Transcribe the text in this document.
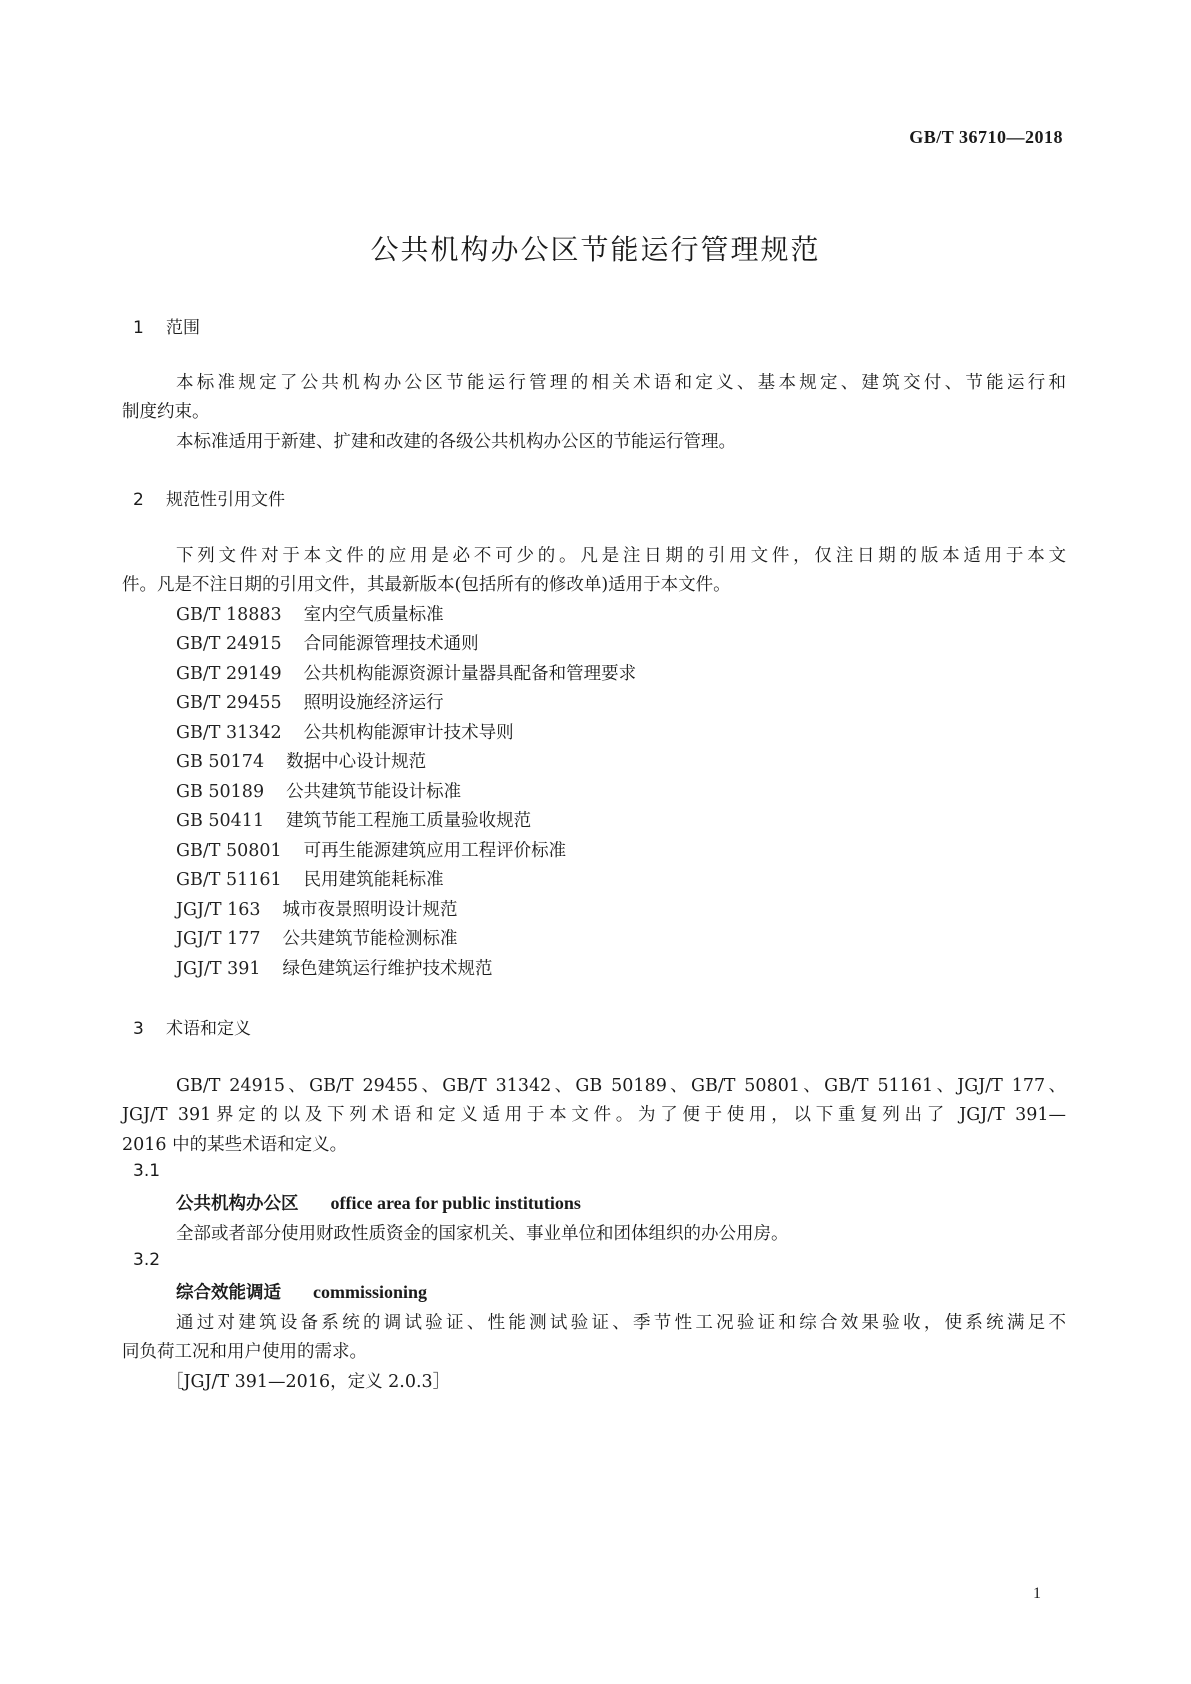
GB/T 36710—2018
公共机构办公区节能运行管理规范
1 范围
本标准规定了公共机构办公区节能运行管理的相关术语和定义、基本规定、建筑交付、节能运行和
制度约束。
本标准适用于新建、扩建和改建的各级公共机构办公区的节能运行管理。
2 规范性引用文件
下列文件对于本文件的应用是必不可少的。凡是注日期的引用文件，仅注日期的版本适用于本文
件。凡是不注日期的引用文件，其最新版本(包括所有的修改单)适用于本文件。
GB/T 18883 室内空气质量标准
GB/T 24915 合同能源管理技术通则
GB/T 29149 公共机构能源资源计量器具配备和管理要求
GB/T 29455 照明设施经济运行
GB/T 31342 公共机构能源审计技术导则
GB 50174 数据中心设计规范
GB 50189 公共建筑节能设计标准
GB 50411 建筑节能工程施工质量验收规范
GB/T 50801 可再生能源建筑应用工程评价标准
GB/T 51161 民用建筑能耗标准
JGJ/T 163 城市夜景照明设计规范
JGJ/T 177 公共建筑节能检测标准
JGJ/T 391 绿色建筑运行维护技术规范
3 术语和定义
GB/T 24915、GB/T 29455、GB/T 31342、GB 50189、GB/T 50801、GB/T 51161、JGJ/T 177、
JGJ/T 391界定的以及下列术语和定义适用于本文件。为了便于使用，以下重复列出了 JGJ/T 391—
2016 中的某些术语和定义。
3.1
公共机构办公区 office area for public institutions
全部或者部分使用财政性质资金的国家机关、事业单位和团体组织的办公用房。
3.2
综合效能调适 commissioning
通过对建筑设备系统的调试验证、性能测试验证、季节性工况验证和综合效果验收，使系统满足不
同负荷工况和用户使用的需求。
［JGJ/T 391—2016，定义 2.0.3］
1
